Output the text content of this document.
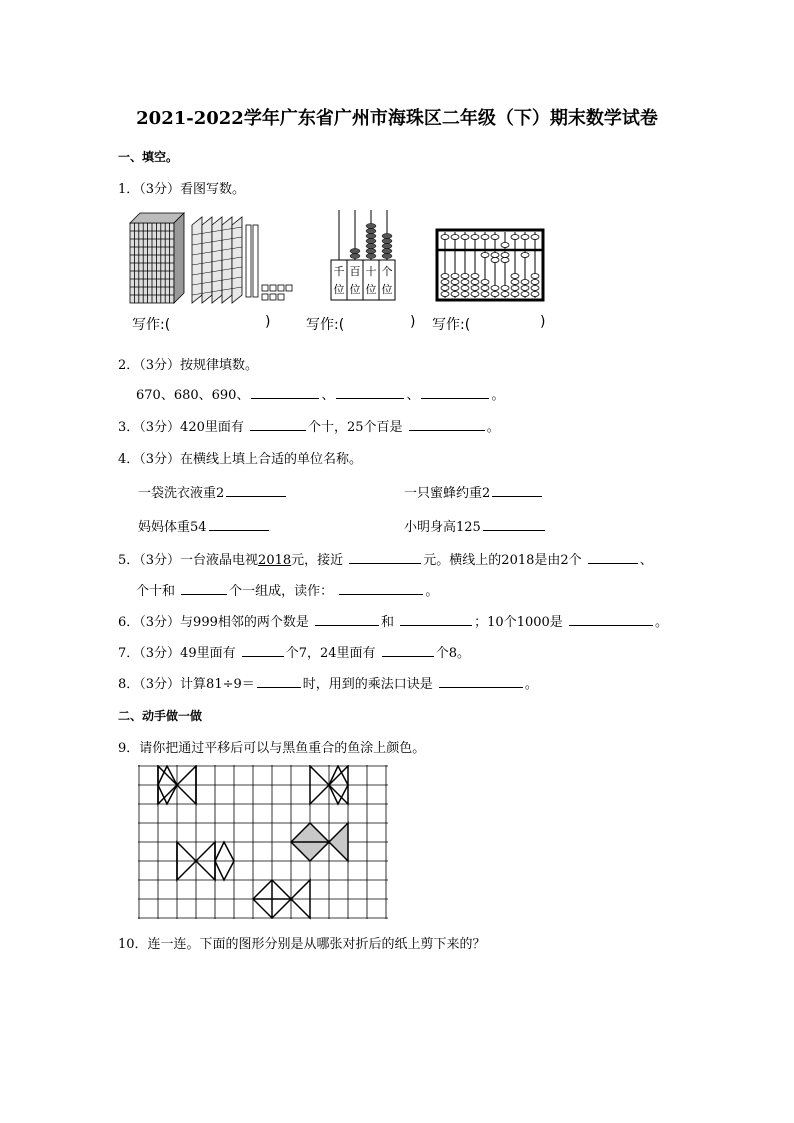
2021-2022学年广东省广州市海珠区二年级（下）期末数学试卷
一、填空。
1．（3分）看图写数。
千
位
百
位
十
位
个
位
写作:(	)	写作:(	) 写作:(	)
2．（3分）按规律填数。
670、680、690、	、	、	。
3．（3分）420里面有	个十，25个百是	。
4．（3分）在横线上填上合适的单位名称。
一袋洗衣液重2	一只蜜蜂约重2
妈妈体重54	小明身高125
5．（3分）一台液晶电视2018元，接近	元。横线上的2018是由2个	、
个十和	个一组成，读作：	。
6．（3分）与999相邻的两个数是	和	；10个1000是	。
7．（3分）49里面有	个7，24里面有	个8。
8．（3分）计算81÷9＝	时，用到的乘法口诀是	。
二、动手做一做
9．请你把通过平移后可以与黑鱼重合的鱼涂上颜色。
10．连一连。下面的图形分别是从哪张对折后的纸上剪下来的？
